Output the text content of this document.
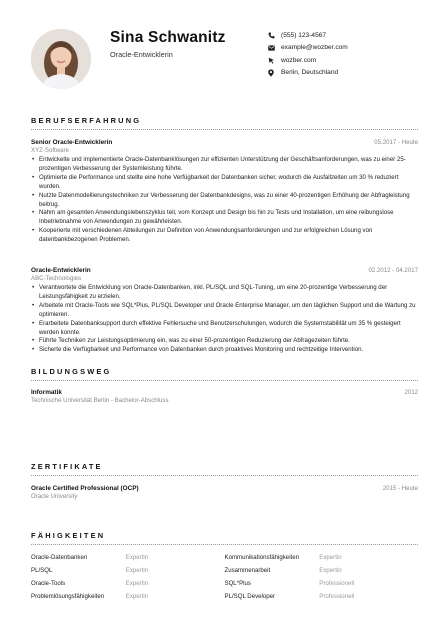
Sina Schwanitz
Oracle-Entwicklerin
(555) 123-4567
example@wozber.com
wozber.com
Berlin, Deutschland
BERUFSERFAHRUNG
Senior Oracle-Entwicklerin	05.2017 - Heute
XYZ-Software
• Entwickelte und implementierte Oracle-Datenbanklösungen zur effizienten Unterstützung der Geschäftsanforderungen, was zu einer 25-prozentigen Verbesserung der Systemleistung führte.
• Optimierte die Performance und stellte eine hohe Verfügbarkeit der Datenbanken sicher, wodurch die Ausfallzeiten um 30 % reduziert wurden.
• Nutzte Datenmodellierungstechniken zur Verbesserung der Datenbankdesigns, was zu einer 40-prozentigen Erhöhung der Abfragleistung beitrug.
• Nahm am gesamten Anwendungslebenszyklus teil, vom Konzept und Design bis hin zu Tests und Installation, um eine reibungslose Inbetriebnahme von Anwendungen zu gewährleisten.
• Kooperierte mit verschiedenen Abteilungen zur Definition von Anwendungsanforderungen und zur erfolgreichen Lösung von datenbankbezogenen Problemen.
Oracle-Entwicklerin	02.2012 - 04.2017
ABC-Technologies
• Verantwortete die Entwicklung von Oracle-Datenbanken, inkl. PL/SQL und SQL-Tuning, um eine 20-prozentige Verbesserung der Leistungsfähigkeit zu erzielen.
• Arbeitete mit Oracle-Tools wie SQL*Plus, PL/SQL Developer und Oracle Enterprise Manager, um den täglichen Support und die Wartung zu optimieren.
• Erarbeitete Datenbanksupport durch effektive Fehlersuche und Benutzerschulungen, wodurch die Systemstabilität um 35 % gesteigert werden konnte.
• Führte Techniken zur Leistungsoptimierung ein, was zu einer 50-prozentigen Reduzierung der Abfragezeiten führte.
• Sicherte die Verfügbarkeit und Performance von Datenbanken durch proaktives Monitoring und rechtzeitige Intervention.
BILDUNGSWEG
Informatik	2012
Technische Universität Berlin - Bachelor-Abschluss
ZERTIFIKATE
Oracle Certified Professional (OCP)	2015 - Heute
Oracle University
FÄHIGKEITEN
Oracle-Datenbanken	Expertin	Kommunikationsfähigkeiten	Expertin
PL/SQL	Expertin	Zusammenarbeit	Expertin
Oracle-Tools	Expertin	SQL*Plus	Professionell
Problemlösungsfähigkeiten	Expertin	PL/SQL Developer	Professionell
